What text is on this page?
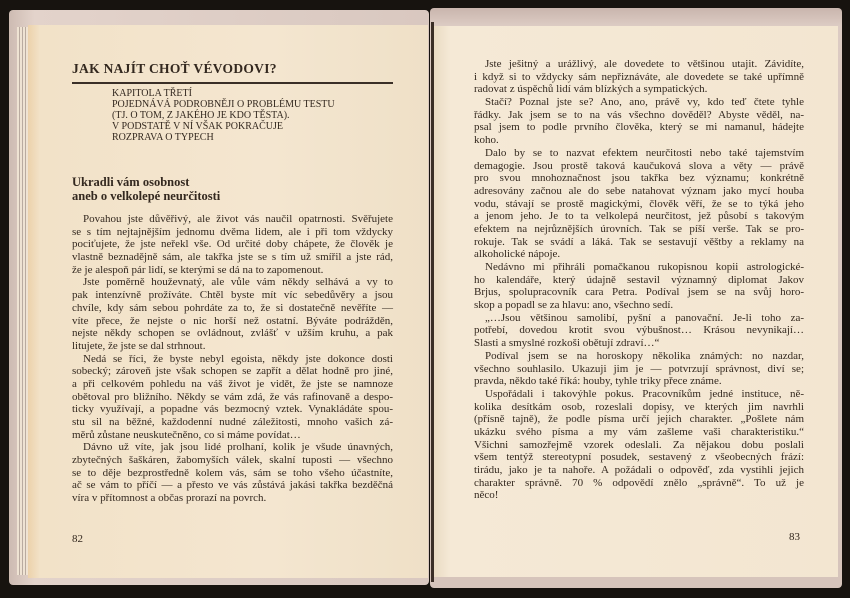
JAK NAJÍT CHOŤ VÉVODOVI?
KAPITOLA TŘETÍ
POJEDNÁVÁ PODROBNĚJI O PROBLÉMU TESTU
(TJ. O TOM, Z JAKÉHO JE KDO TĚSTA).
V PODSTATĚ V NÍ VŠAK POKRAČUJE
ROZPRAVA O TYPECH
Ukradli vám osobnost
aneb o velkolepé neurčitosti
Povahou jste důvěřivý, ale život vás naučil opatrnosti. Svěřujete
se s tím nejtajnějším jednomu dvěma lidem, ale i při tom vždycky
pociťujete, že jste neřekl vše. Od určité doby chápete, že člověk je
vlastně beznadějně sám, ale takřka jste se s tím už smířil a jste rád,
že je alespoň pár lidí, se kterými se dá na to zapomenout.
Jste poměrně houževnatý, ale vůle vám někdy selhává a vy to
pak intenzívně prožíváte. Chtěl byste mít víc sebedůvěry a jsou
chvíle, kdy sám sebou pohrdáte za to, že si dostatečně nevěříte —
víte přece, že nejste o nic horší než ostatní. Býváte podrážděn,
nejste někdy schopen se ovládnout, zvlášť v užším kruhu, a pak
litujete, že jste se dal strhnout.
Nedá se říci, že byste nebyl egoista, někdy jste dokonce dosti
sobecký; zároveň jste však schopen se zapřít a dělat hodně pro jiné,
a při celkovém pohledu na váš život je vidět, že jste se namnoze
obětoval pro bližního. Někdy se vám zdá, že vás rafinovaně a despo-
ticky využívají, a popadne vás bezmocný vztek. Vynakládáte spou-
stu sil na běžné, každodenní nudné záležitosti, mnoho vašich zá-
měrů zůstane neuskutečněno, co si máme povídat…
Dávno už víte, jak jsou lidé prolhaní, kolik je všude únavných,
zbytečných šaškáren, žabomyších válek, skalní tuposti — všechno
se to děje bezprostředně kolem vás, sám se toho všeho účastníte,
ač se vám to příčí — a přesto ve vás zůstává jakási takřka bezděčná
víra v přítomnost a občas prorazí na povrch.
Jste ješitný a urážlivý, ale dovedete to většinou utajit. Závidíte,
i když si to vždycky sám nepřiznáváte, ale dovedete se také upřímně
radovat z úspěchů lidí vám blízkých a sympatických.
Stačí? Poznal jste se? Ano, ano, právě vy, kdo teď čtete tyhle
řádky. Jak jsem se to na vás všechno dověděl? Abyste věděl, na-
psal jsem to podle prvního člověka, který se mi namanul, hádejte
koho.
Dalo by se to nazvat efektem neurčitosti nebo také tajemstvím
demagogie. Jsou prostě taková kaučuková slova a věty — právě
pro svou mnohoznačnost jsou takřka bez významu; konkrétně
adresovány začnou ale do sebe natahovat význam jako mycí houba
vodu, stávají se prostě magickými, člověk věří, že se to týká jeho
a jenom jeho. Je to ta velkolepá neurčitost, jež působí s takovým
efektem na nejrůznějších úrovních. Tak se píší verše. Tak se pro-
rokuje. Tak se svádí a láká. Tak se sestavují věštby a reklamy na
alkoholické nápoje.
Nedávno mi přihráli pomačkanou rukopisnou kopii astrologické-
ho kalendáře, který údajně sestavil významný diplomat Jakov
Brjus, spolupracovník cara Petra. Podíval jsem se na svůj horo-
skop a popadl se za hlavu: ano, všechno sedí.
„…Jsou většinou samolibí, pyšní a panovační. Je-li toho za-
potřebí, dovedou krotit svou výbušnost… Krásou nevynikají…
Slasti a smyslné rozkoši obětují zdraví…“
Podíval jsem se na horoskopy několika známých: no nazdar,
všechno souhlasilo. Ukazuji jim je — potvrzují správnost, diví se;
pravda, někdo také říká: houby, tyhle triky přece známe.
Uspořádali i takovýhle pokus. Pracovníkům jedné instituce, ně-
kolika desítkám osob, rozeslali dopisy, ve kterých jim navrhli
(přísně tajně), že podle písma určí jejich charakter. „Pošlete nám
ukázku svého písma a my vám zašleme vaši charakteristiku.“
Všichni samozřejmě vzorek odeslali. Za nějakou dobu poslali
všem tentýž stereotypní posudek, sestavený z všeobecných frází:
tirádu, jako je ta nahoře. A požádali o odpověď, zda vystihli jejich
charakter správně. 70 % odpovědí znělo „správně“. To už je
něco!
82	83
